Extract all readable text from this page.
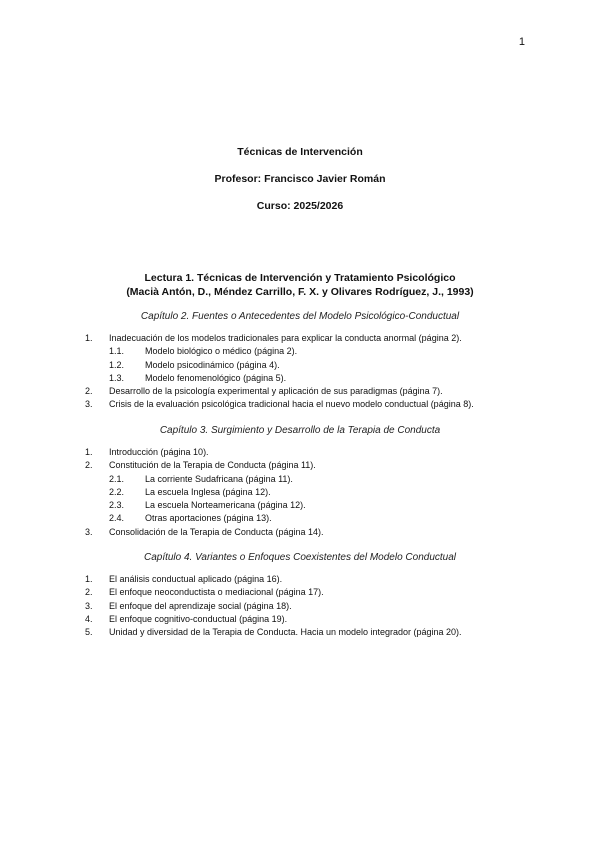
1
Técnicas de Intervención
Profesor: Francisco Javier Román
Curso: 2025/2026
Lectura 1. Técnicas de Intervención y Tratamiento Psicológico
(Macià Antón, D., Méndez Carrillo, F. X. y Olivares Rodríguez, J., 1993)
Capítulo 2. Fuentes o Antecedentes del Modelo Psicológico-Conductual
1. Inadecuación de los modelos tradicionales para explicar la conducta anormal (página 2).
1.1. Modelo biológico o médico (página 2).
1.2. Modelo psicodinámico (página 4).
1.3. Modelo fenomenológico (página 5).
2. Desarrollo de la psicología experimental y aplicación de sus paradigmas (página 7).
3. Crisis de la evaluación psicológica tradicional hacia el nuevo modelo conductual (página 8).
Capítulo 3. Surgimiento y Desarrollo de la Terapia de Conducta
1. Introducción (página 10).
2. Constitución de la Terapia de Conducta (página 11).
2.1. La corriente Sudafricana (página 11).
2.2. La escuela Inglesa (página 12).
2.3. La escuela Norteamericana (página 12).
2.4. Otras aportaciones (página 13).
3. Consolidación de la Terapia de Conducta (página 14).
Capítulo 4. Variantes o Enfoques Coexistentes del Modelo Conductual
1. El análisis conductual aplicado (página 16).
2. El enfoque neoconductista o mediacional (página 17).
3. El enfoque del aprendizaje social (página 18).
4. El enfoque cognitivo-conductual (página 19).
5. Unidad y diversidad de la Terapia de Conducta. Hacia un modelo integrador (página 20).
